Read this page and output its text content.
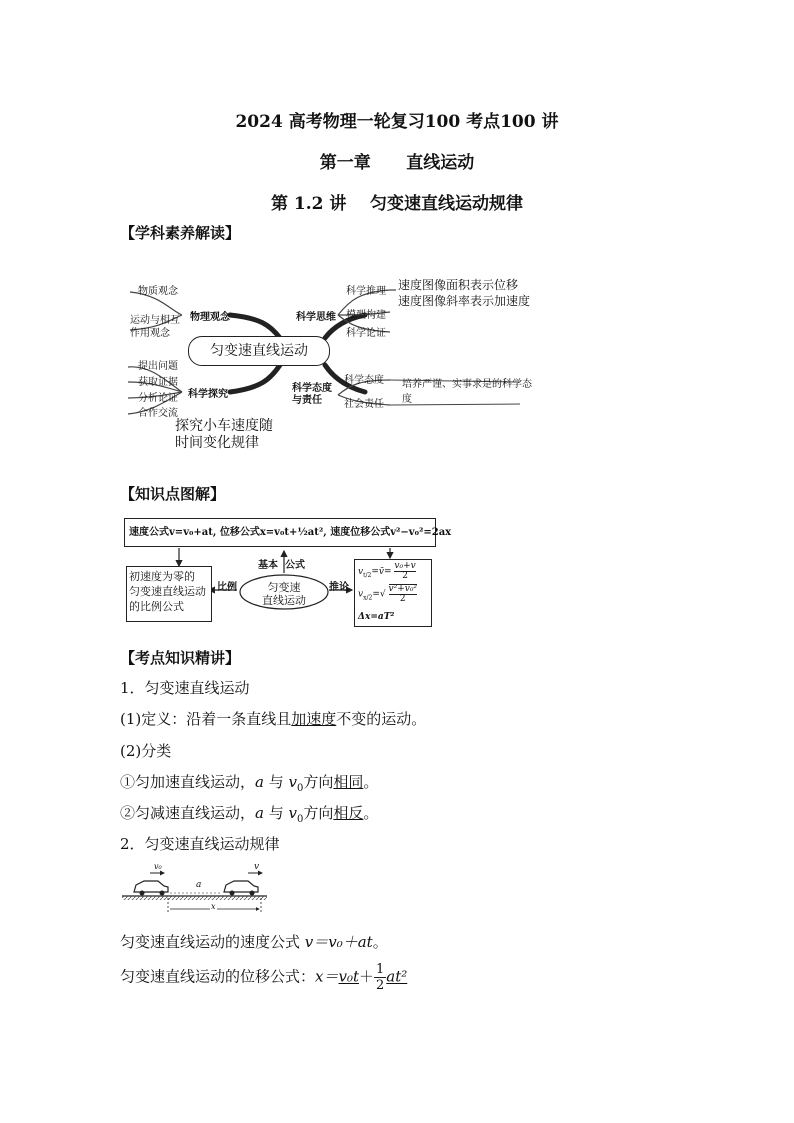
2024 高考物理一轮复习100 考点100 讲
第一章      直线运动
第 1.2 讲    匀变速直线运动规律
【学科素养解读】
物质观念
运动与相互
作用观念
物理观念
提出问题
获取证据
分析论证
合作交流
科学探究
匀变速直线运动
科学思维
科学态度
与责任
科学推理
模型构建
科学论证
速度图像面积表示位移
速度图像斜率表示加速度
科学态度
社会责任
培养严谨、实事求是的科学态度
探究小车速度随
时间变化规律
【知识点图解】
速度公式v=v₀+at, 位移公式x=v₀t+½at², 速度位移公式v²−v₀²=2ax
基本  公式
初速度为零的
匀变速直线运动
的比例公式
比例	匀变速
直线运动
推论
$v_{t/2}=v̄= \frac{\text{v₀+v}}{2}$
$v_{x/2}=√ \frac{\text{v²+v₀²}}{2}$
Δx=aT²
【考点知识精讲】
1．匀变速直线运动
(1)定义：沿着一条直线且加速度不变的运动。
(2)分类
①匀加速直线运动，a 与 $v_0$方向相同。
②匀减速直线运动，a 与 $v_0$方向相反。
2．匀变速直线运动规律
v₀
a
v
x
匀变速直线运动的速度公式 v＝v₀＋at。
匀变速直线运动的位移公式：$x=v_0t+ \frac{1}{2} at^2$
